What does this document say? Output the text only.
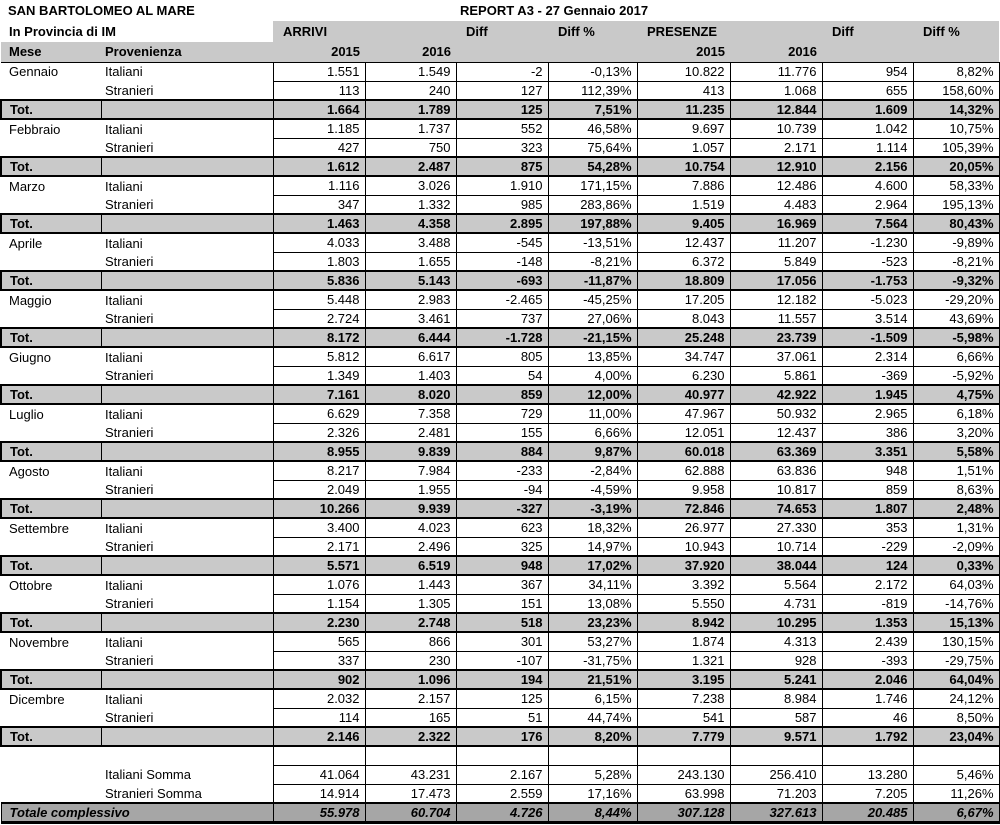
SAN BARTOLOMEO AL MARE	REPORT A3 - 27 Gennaio 2017
In Provincia di IM		ARRIVI		Diff	Diff %	PRESENZE		Diff	Diff %
Mese	Provenienza	2015	2016			2015	2016		
Gennaio	Italiani	1.551	1.549	-2	-0,13%	10.822	11.776	954	8,82%
	Stranieri	113	240	127	112,39%	413	1.068	655	158,60%
Tot.		1.664	1.789	125	7,51%	11.235	12.844	1.609	14,32%
Febbraio	Italiani	1.185	1.737	552	46,58%	9.697	10.739	1.042	10,75%
	Stranieri	427	750	323	75,64%	1.057	2.171	1.114	105,39%
Tot.		1.612	2.487	875	54,28%	10.754	12.910	2.156	20,05%
Marzo	Italiani	1.116	3.026	1.910	171,15%	7.886	12.486	4.600	58,33%
	Stranieri	347	1.332	985	283,86%	1.519	4.483	2.964	195,13%
Tot.		1.463	4.358	2.895	197,88%	9.405	16.969	7.564	80,43%
Aprile	Italiani	4.033	3.488	-545	-13,51%	12.437	11.207	-1.230	-9,89%
	Stranieri	1.803	1.655	-148	-8,21%	6.372	5.849	-523	-8,21%
Tot.		5.836	5.143	-693	-11,87%	18.809	17.056	-1.753	-9,32%
Maggio	Italiani	5.448	2.983	-2.465	-45,25%	17.205	12.182	-5.023	-29,20%
	Stranieri	2.724	3.461	737	27,06%	8.043	11.557	3.514	43,69%
Tot.		8.172	6.444	-1.728	-21,15%	25.248	23.739	-1.509	-5,98%
Giugno	Italiani	5.812	6.617	805	13,85%	34.747	37.061	2.314	6,66%
	Stranieri	1.349	1.403	54	4,00%	6.230	5.861	-369	-5,92%
Tot.		7.161	8.020	859	12,00%	40.977	42.922	1.945	4,75%
Luglio	Italiani	6.629	7.358	729	11,00%	47.967	50.932	2.965	6,18%
	Stranieri	2.326	2.481	155	6,66%	12.051	12.437	386	3,20%
Tot.		8.955	9.839	884	9,87%	60.018	63.369	3.351	5,58%
Agosto	Italiani	8.217	7.984	-233	-2,84%	62.888	63.836	948	1,51%
	Stranieri	2.049	1.955	-94	-4,59%	9.958	10.817	859	8,63%
Tot.		10.266	9.939	-327	-3,19%	72.846	74.653	1.807	2,48%
Settembre	Italiani	3.400	4.023	623	18,32%	26.977	27.330	353	1,31%
	Stranieri	2.171	2.496	325	14,97%	10.943	10.714	-229	-2,09%
Tot.		5.571	6.519	948	17,02%	37.920	38.044	124	0,33%
Ottobre	Italiani	1.076	1.443	367	34,11%	3.392	5.564	2.172	64,03%
	Stranieri	1.154	1.305	151	13,08%	5.550	4.731	-819	-14,76%
Tot.		2.230	2.748	518	23,23%	8.942	10.295	1.353	15,13%
Novembre	Italiani	565	866	301	53,27%	1.874	4.313	2.439	130,15%
	Stranieri	337	230	-107	-31,75%	1.321	928	-393	-29,75%
Tot.		902	1.096	194	21,51%	3.195	5.241	2.046	64,04%
Dicembre	Italiani	2.032	2.157	125	6,15%	7.238	8.984	1.746	24,12%
	Stranieri	114	165	51	44,74%	541	587	46	8,50%
Tot.		2.146	2.322	176	8,20%	7.779	9.571	1.792	23,04%

	Italiani Somma	41.064	43.231	2.167	5,28%	243.130	256.410	13.280	5,46%
	Stranieri Somma	14.914	17.473	2.559	17,16%	63.998	71.203	7.205	11,26%
Totale complessivo		55.978	60.704	4.726	8,44%	307.128	327.613	20.485	6,67%
